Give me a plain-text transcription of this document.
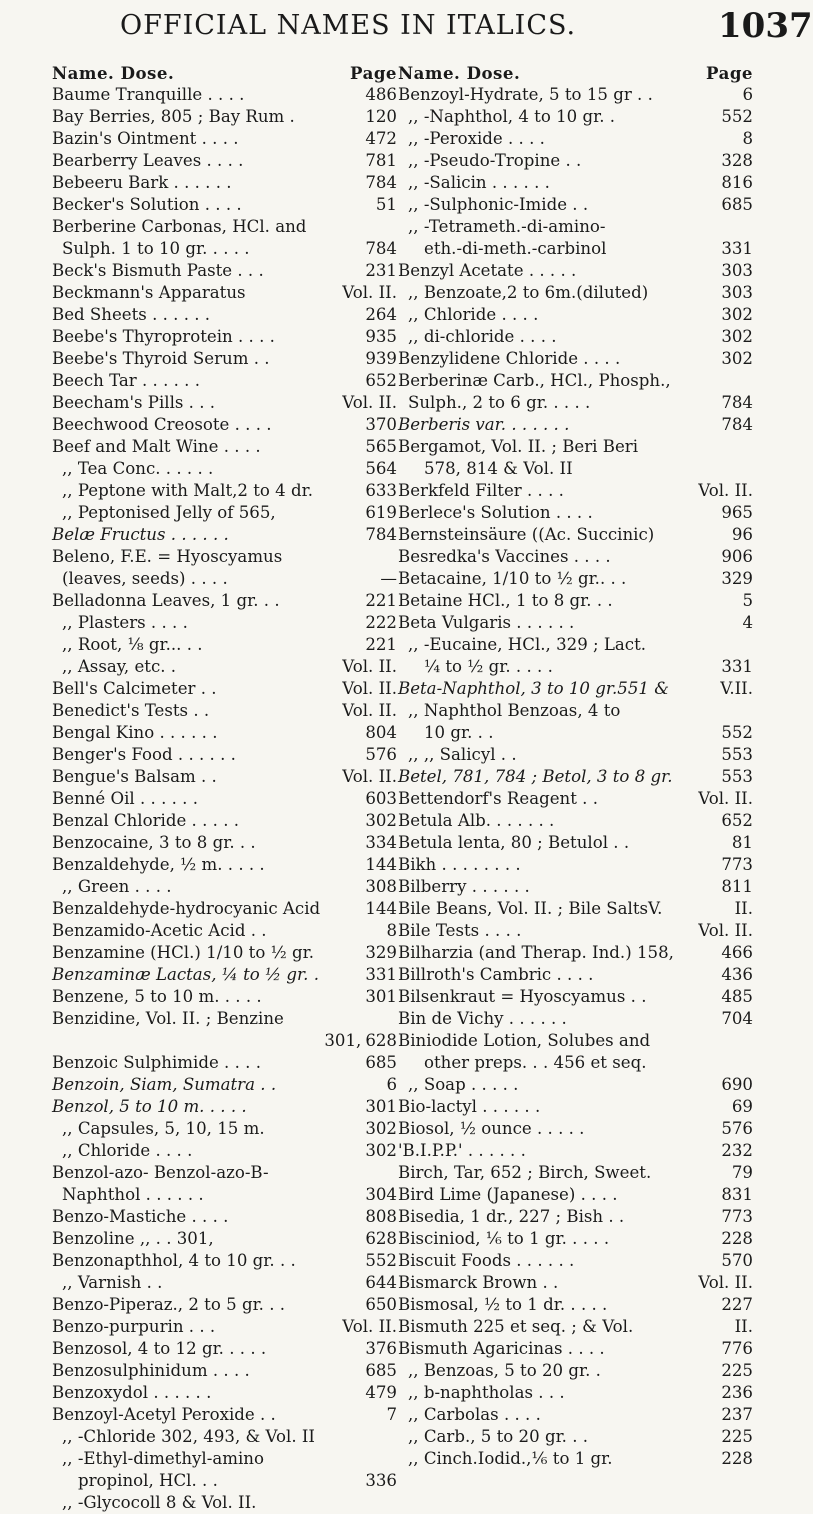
OFFICIAL NAMES IN ITALICS.	1037
Name. Dose.	Page
Baume Tranquille . . . .	486
Bay Berries, 805 ; Bay Rum .	120
Bazin's Ointment . . . .	472
Bearberry Leaves . . . .	781
Bebeeru Bark . . . . . .	784
Becker's Solution . . . .	51
Berberine Carbonas, HCl. and
Sulph. 1 to 10 gr. . . . .	784
Beck's Bismuth Paste . . .	231
Beckmann's Apparatus	Vol. II.
Bed Sheets . . . . . .	264
Beebe's Thyroprotein . . . .	935
Beebe's Thyroid Serum . .	939
Beech Tar . . . . . .	652
Beecham's Pills . . .	Vol. II.
Beechwood Creosote . . . .	370
Beef and Malt Wine . . . .	565
,, Tea Conc. . . . . .	564
,, Peptone with Malt,2 to 4 dr.	633
,, Peptonised Jelly of 565,	619
Belæ Fructus . . . . . .	784
Beleno, F.E. = Hyoscyamus
(leaves, seeds) . . . .	—
Belladonna Leaves, 1 gr. . .	221
,, Plasters . . . .	222
,, Root, ⅛ gr... . .	221
,, Assay, etc. .	Vol. II.
Bell's Calcimeter . .	Vol. II.
Benedict's Tests . .	Vol. II.
Bengal Kino . . . . . .	804
Benger's Food . . . . . .	576
Bengue's Balsam . .	Vol. II.
Benné Oil . . . . . .	603
Benzal Chloride . . . . .	302
Benzocaine, 3 to 8 gr. . .	334
Benzaldehyde, ½ m. . . . .	144
,, Green . . . .	308
Benzaldehyde-hydrocyanic Acid	144
Benzamido-Acetic Acid . .	8
Benzamine (HCl.) 1/10 to ½ gr.	329
Benzaminæ Lactas, ¼ to ½ gr. .	331
Benzene, 5 to 10 m. . . . .	301
Benzidine, Vol. II. ; Benzine
301, 628
Benzoic Sulphimide . . . .	685
Benzoin, Siam, Sumatra . .	6
Benzol, 5 to 10 m. . . . .	301
,, Capsules, 5, 10, 15 m.	302
,, Chloride . . . .	302
Benzol-azo- Benzol-azo-B-
Naphthol . . . . . .	304
Benzo-Mastiche . . . .	808
Benzoline ,, . . 301,	628
Benzonapthhol, 4 to 10 gr. . .	552
,, Varnish . .	644
Benzo-Piperaz., 2 to 5 gr. . .	650
Benzo-purpurin . . .	Vol. II.
Benzosol, 4 to 12 gr. . . . .	376
Benzosulphinidum . . . .	685
Benzoxydol . . . . . .	479
Benzoyl-Acetyl Peroxide . .	7
,, -Chloride 302, 493, & Vol. II
,, -Ethyl-dimethyl-amino
propinol, HCl. . .	336
,, -Glycocoll 8 & Vol. II.
Name. Dose.	Page
Benzoyl-Hydrate, 5 to 15 gr . .	6
,, -Naphthol, 4 to 10 gr. .	552
,, -Peroxide . . . .	8
,, -Pseudo-Tropine . .	328
,, -Salicin . . . . . .	816
,, -Sulphonic-Imide . .	685
,, -Tetrameth.-di-amino-
eth.-di-meth.-carbinol	331
Benzyl Acetate . . . . .	303
,, Benzoate,2 to 6m.(diluted)	303
,, Chloride . . . .	302
,, di-chloride . . . .	302
Benzylidene Chloride . . . .	302
Berberinæ Carb., HCl., Phosph.,
Sulph., 2 to 6 gr. . . . .	784
Berberis var. . . . . . .	784
Bergamot, Vol. II. ; Beri Beri
578, 814 & Vol. II
Berkfeld Filter . . . .	Vol. II.
Berlece's Solution . . . .	965
Bernsteinsäure ((Ac. Succinic)	96
Besredka's Vaccines . . . .	906
Betacaine, 1/10 to ½ gr.. . .	329
Betaine HCl., 1 to 8 gr. . .	5
Beta Vulgaris . . . . . .	4
,, -Eucaine, HCl., 329 ; Lact.
¼ to ½ gr. . . . .	331
Beta-Naphthol, 3 to 10 gr.551 &	V.II.
,, Naphthol Benzoas, 4 to
10 gr. . .	552
,, ,, Salicyl . .	553
Betel, 781, 784 ; Betol, 3 to 8 gr.	553
Bettendorf's Reagent . .	Vol. II.
Betula Alb. . . . . . .	652
Betula lenta, 80 ; Betulol . .	81
Bikh . . . . . . . .	773
Bilberry . . . . . .	811
Bile Beans, Vol. II. ; Bile SaltsV.	II.
Bile Tests . . . .	Vol. II.
Bilharzia (and Therap. Ind.) 158,	466
Billroth's Cambric . . . .	436
Bilsenkraut = Hyoscyamus . .	485
Bin de Vichy . . . . . .	704
Biniodide Lotion, Solubes and
other preps. . . 456 et seq.
,, Soap . . . . .	690
Bio-lactyl . . . . . .	69
Biosol, ½ ounce . . . . .	576
'B.I.P.P.' . . . . . .	232
Birch, Tar, 652 ; Birch, Sweet.	79
Bird Lime (Japanese) . . . .	831
Bisedia, 1 dr., 227 ; Bish . .	773
Bisciniod, ⅙ to 1 gr. . . . .	228
Biscuit Foods . . . . . .	570
Bismarck Brown . .	Vol. II.
Bismosal, ½ to 1 dr. . . . .	227
Bismuth 225 et seq. ; & Vol.	II.
Bismuth Agaricinas . . . .	776
,, Benzoas, 5 to 20 gr. .	225
,, b-naphtholas . . .	236
,, Carbolas . . . .	237
,, Carb., 5 to 20 gr. . .	225
,, Cinch.Iodid.,⅙ to 1 gr.	228
